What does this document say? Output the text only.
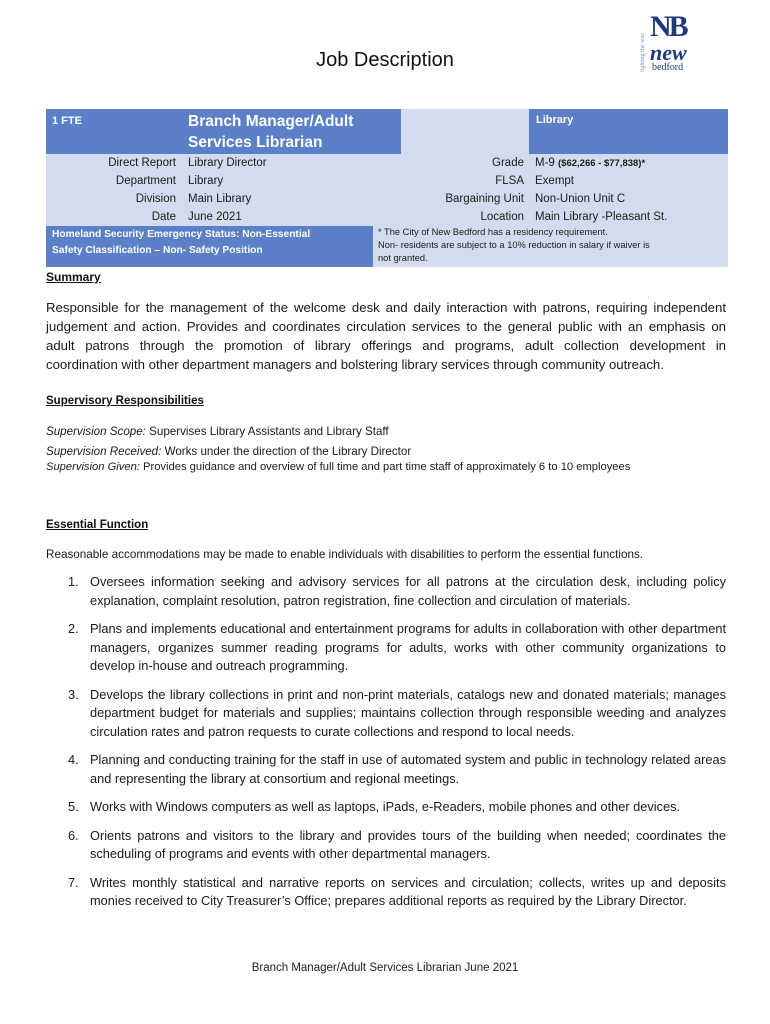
lighting the way
NB
new
bedford
Job Description
1 FTE	Branch Manager/Adult
Services Librarian
Library
Direct Report
Department
Division
Date
Library Director
Library
Main Library
June 2021
Grade
FLSA
Bargaining Unit
Location
M-9 ($62,266 - $77,838)*
Exempt
Non-Union Unit C
Main Library -Pleasant St.
Homeland Security Emergency Status: Non-Essential
Safety Classification – Non- Safety Position
* The City of New Bedford has a residency requirement.
Non- residents are subject to a 10% reduction in salary if waiver is
not granted.
Summary
Responsible for the management of the welcome desk and daily interaction with patrons, requiring independent
judgement and action. Provides and coordinates circulation services to the general public with an emphasis on
adult patrons through the promotion of library offerings and programs, adult collection development in
coordination with other department managers and bolstering library services through community outreach.
Supervisory Responsibilities
Supervision Scope: Supervises Library Assistants and Library Staff
Supervision Received: Works under the direction of the Library Director
Supervision Given: Provides guidance and overview of full time and part time staff of approximately 6 to 10 employees
Essential Function
Reasonable accommodations may be made to enable individuals with disabilities to perform the essential functions.
1. Oversees information seeking and advisory services for all patrons at the circulation desk, including policy explanation, complaint resolution, patron registration, fine collection and circulation of materials.
2. Plans and implements educational and entertainment programs for adults in collaboration with other department managers, organizes summer reading programs for adults, works with other community organizations to develop in-house and outreach programming.
3. Develops the library collections in print and non-print materials, catalogs new and donated materials; manages department budget for materials and supplies; maintains collection through responsible weeding and analyzes circulation rates and patron requests to curate collections and respond to local needs.
4. Planning and conducting training for the staff in use of automated system and public in technology related areas and representing the library at consortium and regional meetings.
5. Works with Windows computers as well as laptops, iPads, e-Readers, mobile phones and other devices.
6. Orients patrons and visitors to the library and provides tours of the building when needed; coordinates the scheduling of programs and events with other departmental managers.
7. Writes monthly statistical and narrative reports on services and circulation; collects, writes up and deposits monies received to City Treasurer’s Office; prepares additional reports as required by the Library Director.
Branch Manager/Adult Services Librarian June 2021
